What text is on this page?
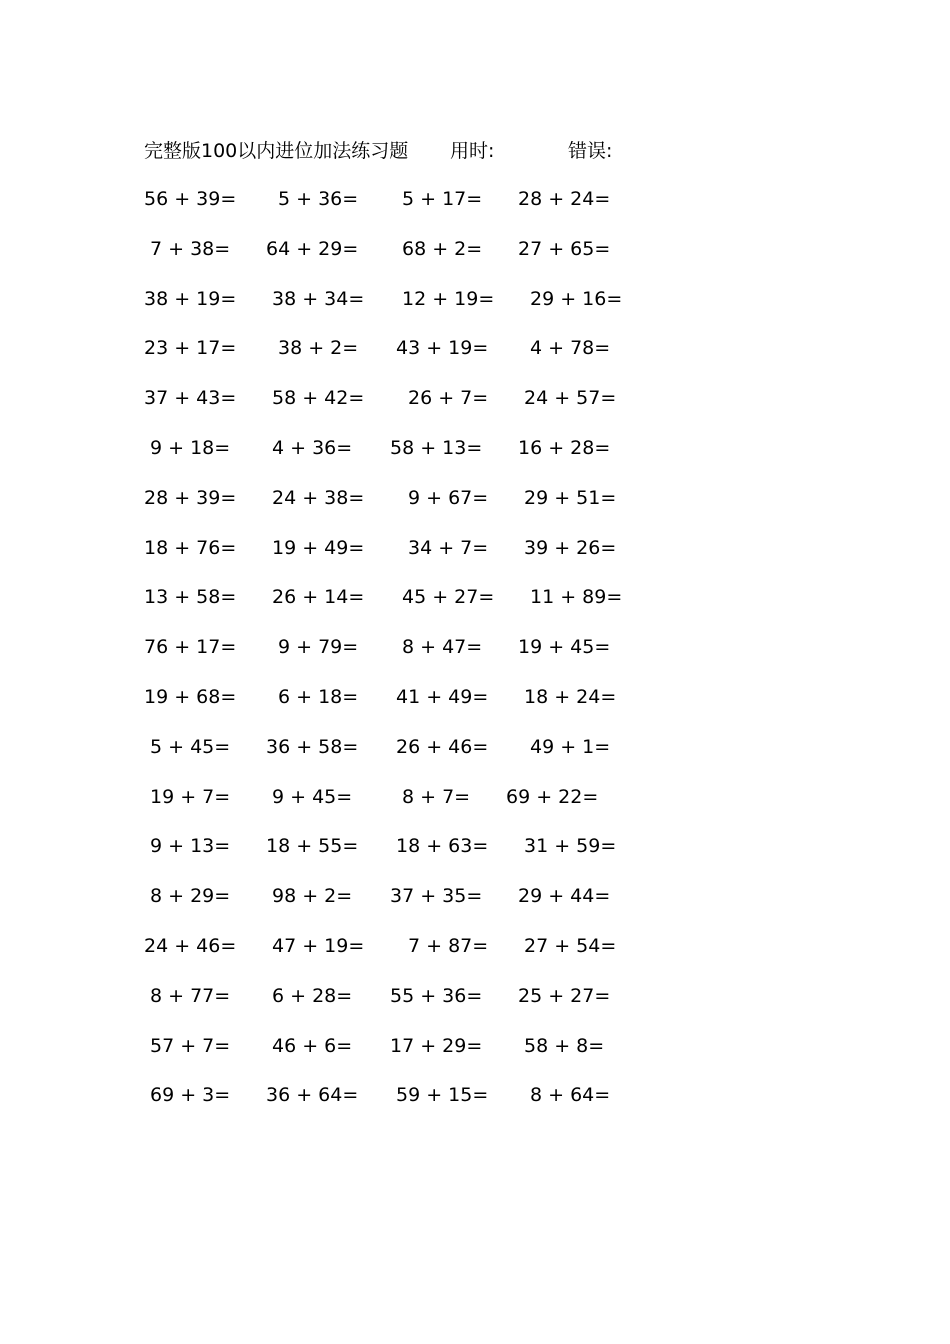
完整版100以内进位加法练习题 用时:	错误:
56 + 39= 5 + 36= 5 + 17= 28 + 24=
7 + 38= 64 + 29= 68 + 2= 27 + 65=
38 + 19= 38 + 34= 12 + 19= 29 + 16=
23 + 17= 38 + 2= 43 + 19= 4 + 78=
37 + 43= 58 + 42= 26 + 7= 24 + 57=
9 + 18= 4 + 36= 58 + 13= 16 + 28=
28 + 39= 24 + 38= 9 + 67= 29 + 51=
18 + 76= 19 + 49= 34 + 7= 39 + 26=
13 + 58= 26 + 14= 45 + 27= 11 + 89=
76 + 17= 9 + 79= 8 + 47= 19 + 45=
19 + 68= 6 + 18= 41 + 49= 18 + 24=
5 + 45= 36 + 58= 26 + 46= 49 + 1=
19 + 7= 9 + 45=	8 + 7= 69 + 22=
9 + 13= 18 + 55= 18 + 63= 31 + 59=
8 + 29= 98 + 2= 37 + 35= 29 + 44=
24 + 46= 47 + 19= 7 + 87= 27 + 54=
8 + 77= 6 + 28= 55 + 36= 25 + 27=
57 + 7= 46 + 6= 17 + 29= 58 + 8=
69 + 3= 36 + 64= 59 + 15= 8 + 64=
